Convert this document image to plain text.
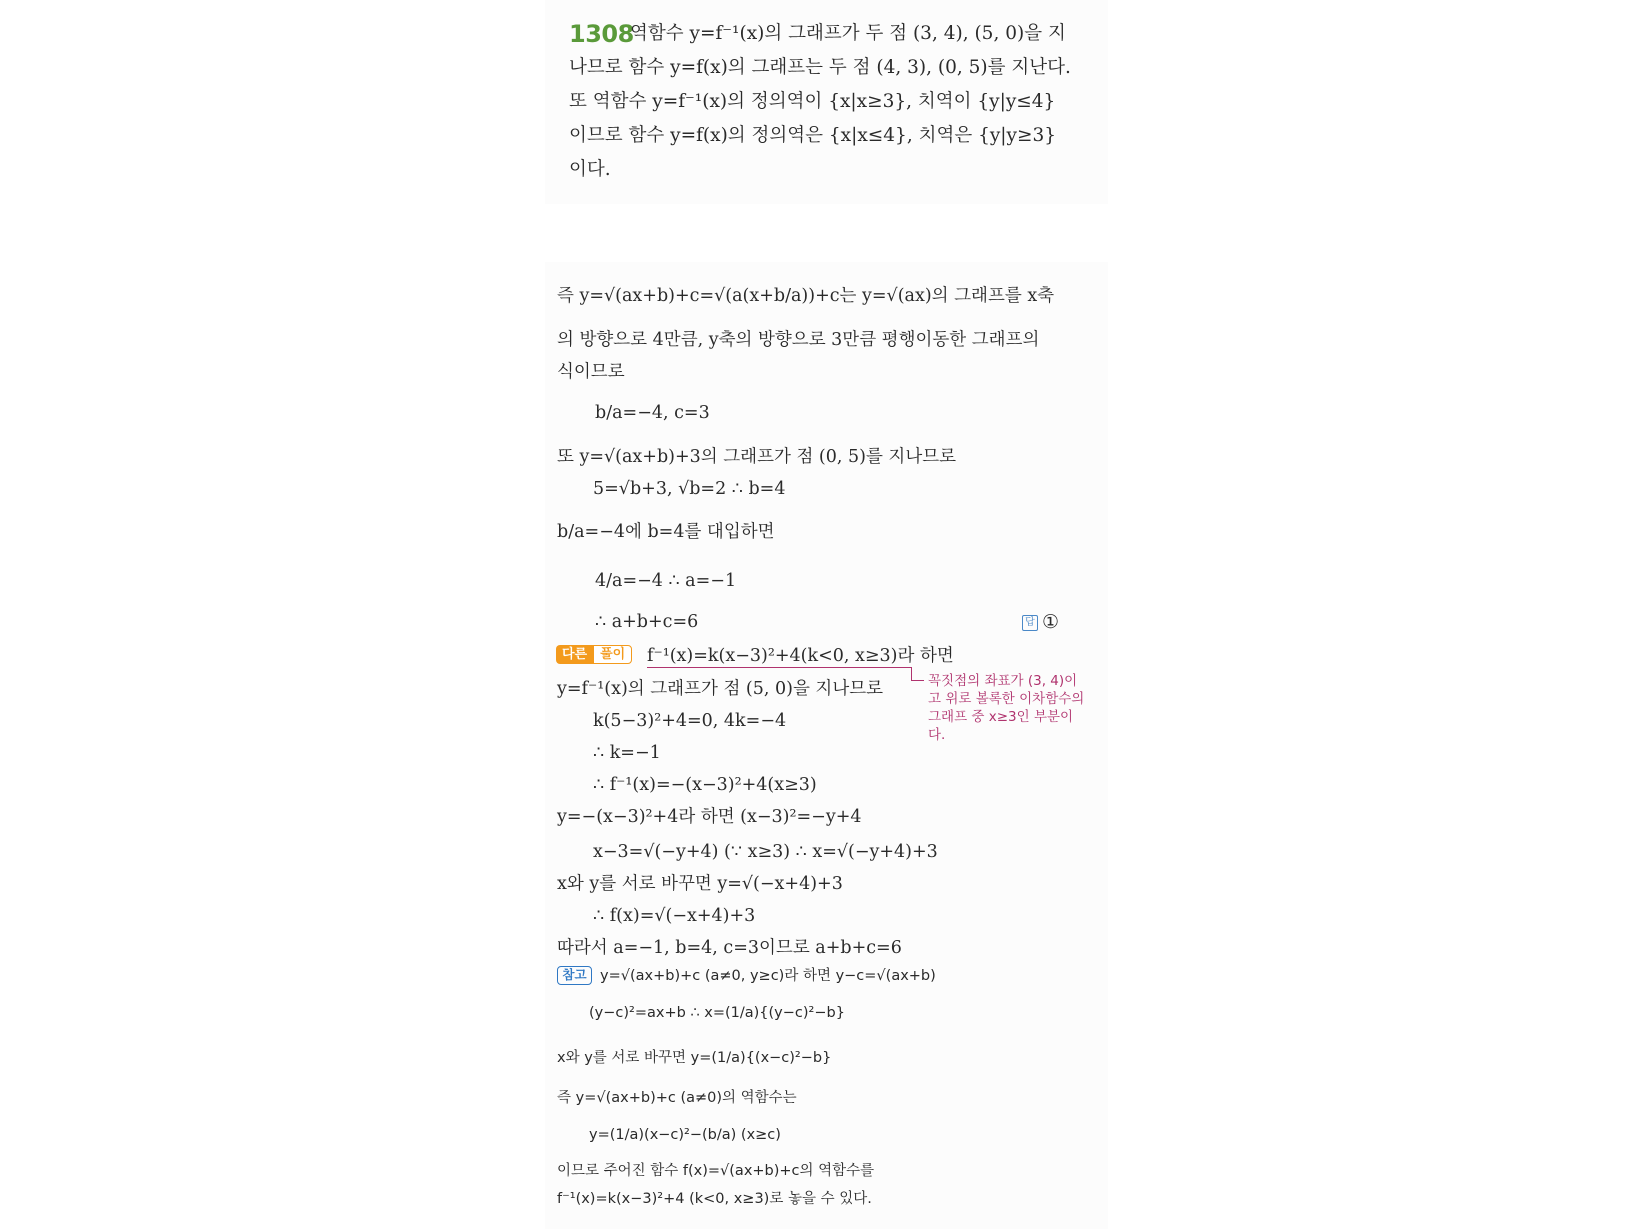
1308
역함수 y=f⁻¹(x)의 그래프가 두 점 (3, 4), (5, 0)을 지
나므로 함수 y=f(x)의 그래프는 두 점 (4, 3), (0, 5)를 지난다.
또 역함수 y=f⁻¹(x)의 정의역이 {x|x≥3}, 치역이 {y|y≤4}
이므로 함수 y=f(x)의 정의역은 {x|x≤4}, 치역은 {y|y≥3}
이다.
즉 y=√(ax+b)+c=√(a(x+b/a))+c는 y=√(ax)의 그래프를 x축
의 방향으로 4만큼, y축의 방향으로 3만큼 평행이동한 그래프의
식이므로
b/a=−4, c=3
또 y=√(ax+b)+3의 그래프가 점 (0, 5)를 지나므로
5=√b+3, √b=2 ∴ b=4
b/a=−4에 b=4를 대입하면
4/a=−4 ∴ a=−1
∴ a+b+c=6	답 ①
다른	풀이	f⁻¹(x)=k(x−3)²+4(k<0, x≥3)라 하면
꼭짓점의 좌표가 (3, 4)이고 위로 볼록한 이차함수의 그래프 중 x≥3인 부분이다.
y=f⁻¹(x)의 그래프가 점 (5, 0)을 지나므로
k(5−3)²+4=0, 4k=−4
∴ k=−1
∴ f⁻¹(x)=−(x−3)²+4(x≥3)
y=−(x−3)²+4라 하면 (x−3)²=−y+4
x−3=√(−y+4) (∵ x≥3) ∴ x=√(−y+4)+3
x와 y를 서로 바꾸면 y=√(−x+4)+3
∴ f(x)=√(−x+4)+3
따라서 a=−1, b=4, c=3이므로 a+b+c=6
참고 y=√(ax+b)+c (a≠0, y≥c)라 하면 y−c=√(ax+b)
(y−c)²=ax+b ∴ x=(1/a){(y−c)²−b}
x와 y를 서로 바꾸면 y=(1/a){(x−c)²−b}
즉 y=√(ax+b)+c (a≠0)의 역함수는
y=(1/a)(x−c)²−(b/a) (x≥c)
이므로 주어진 함수 f(x)=√(ax+b)+c의 역함수를
f⁻¹(x)=k(x−3)²+4 (k<0, x≥3)로 놓을 수 있다.
